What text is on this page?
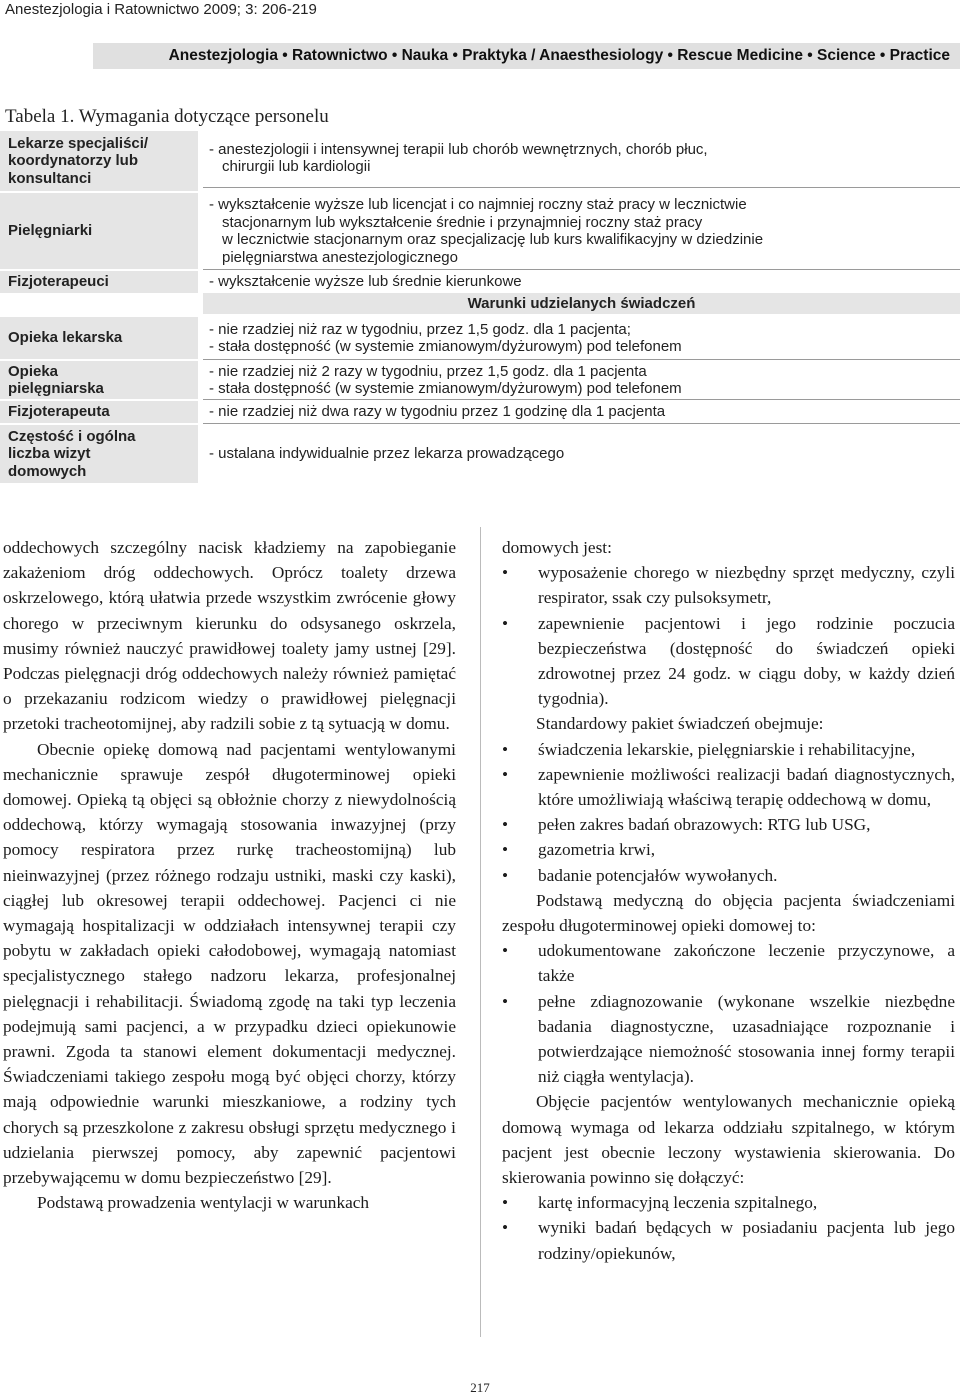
Anestezjologia i Ratownictwo 2009; 3: 206-219
Anestezjologia • Ratownictwo • Nauka • Praktyka / Anaesthesiology • Rescue Medicine • Science • Practice
Tabela 1. Wymagania dotyczące personelu
Lekarze specjaliści/
koordynatorzy lub
konsultanci
- anestezjologii i intensywnej terapii lub chorób wewnętrznych, chorób płuc,
chirurgii lub kardiologii
Pielęgniarki
- wykształcenie wyższe lub licencjat i co najmniej roczny staż pracy w lecznictwie
stacjonarnym lub wykształcenie średnie i przynajmniej roczny staż pracy
w lecznictwie stacjonarnym oraz specjalizację lub kurs kwalifikacyjny w dziedzinie
pielęgniarstwa anestezjologicznego
Fizjoterapeuci	- wykształcenie wyższe lub średnie kierunkowe
Warunki udzielanych świadczeń
Opieka lekarska
- nie rzadziej niż raz w tygodniu, przez 1,5 godz. dla 1 pacjenta;
- stała dostępność (w systemie zmianowym/dyżurowym) pod telefonem
Opieka
pielęgniarska
- nie rzadziej niż 2 razy w tygodniu, przez 1,5 godz. dla 1 pacjenta
- stała dostępność (w systemie zmianowym/dyżurowym) pod telefonem
Fizjoterapeuta	- nie rzadziej niż dwa razy w tygodniu przez 1 godzinę dla 1 pacjenta
Częstość i ogólna
liczba wizyt
domowych
- ustalana indywidualnie przez lekarza prowadzącego

oddechowych szczególny nacisk kładziemy na zapobieganie zakażeniom dróg oddechowych. Oprócz toalety drzewa oskrzelowego, którą ułatwia przede wszystkim zwrócenie głowy chorego w przeciwnym kierunku do odsysanego oskrzela, musimy również nauczyć prawidłowej toalety jamy ustnej [29]. Podczas pielęgnacji dróg oddechowych należy również pamiętać o przekazaniu rodzicom wiedzy o prawidłowej pielęgnacji przetoki tracheotomijnej, aby radzili sobie z tą sytuacją w domu.

Obecnie opiekę domową nad pacjentami wentylowanymi mechanicznie sprawuje zespół długoterminowej opieki domowej. Opieką tą objęci są obłożnie chorzy z niewydolnością oddechową, którzy wymagają stosowania inwazyjnej (przy pomocy respiratora przez rurkę tracheostomijną) lub nieinwazyjnej (przez różnego rodzaju ustniki, maski czy kaski), ciągłej lub okresowej terapii oddechowej. Pacjenci ci nie wymagają hospitalizacji w oddziałach intensywnej terapii czy pobytu w zakładach opieki całodobowej, wymagają natomiast specjalistycznego stałego nadzoru lekarza, profesjonalnej pielęgnacji i rehabilitacji. Świadomą zgodę na taki typ leczenia podejmują sami pacjenci, a w przypadku dzieci opiekunowie prawni. Zgoda ta stanowi element dokumentacji medycznej. Świadczeniami takiego zespołu mogą być objęci chorzy, którzy mają odpowiednie warunki mieszkaniowe, a rodziny tych chorych są przeszkolone z zakresu obsługi sprzętu medycznego i udzielania pierwszej pomocy, aby zapewnić pacjentowi przebywającemu w domu bezpieczeństwo [29].

Podstawą prowadzenia wentylacji w warunkach

domowych jest:

• wyposażenie chorego w niezbędny sprzęt medyczny, czyli respirator, ssak czy pulsoksymetr,
• zapewnienie pacjentowi i jego rodzinie poczucia bezpieczeństwa (dostępność do świadczeń opieki zdrowotnej przez 24 godz. w ciągu doby, w każdy dzień tygodnia).

Standardowy pakiet świadczeń obejmuje:

• świadczenia lekarskie, pielęgniarskie i rehabilitacyjne,
• zapewnienie możliwości realizacji badań diagnostycznych, które umożliwiają właściwą terapię oddechową w domu,
• pełen zakres badań obrazowych: RTG lub USG,
• gazometria krwi,
• badanie potencjałów wywołanych.

Podstawą medyczną do objęcia pacjenta świadczeniami zespołu długoterminowej opieki domowej to:

• udokumentowane zakończone leczenie przyczynowe, a także
• pełne zdiagnozowanie (wykonane wszelkie niezbędne badania diagnostyczne, uzasadniające rozpoznanie i potwierdzające niemożność stosowania innej formy terapii niż ciągła wentylacja).

Objęcie pacjentów wentylowanych mechanicznie opieką domową wymaga od lekarza oddziału szpitalnego, w którym pacjent jest obecnie leczony wystawienia skierowania. Do skierowania powinno się dołączyć:

• kartę informacyjną leczenia szpitalnego,
• wyniki badań będących w posiadaniu pacjenta lub jego rodziny/opiekunów,
217
